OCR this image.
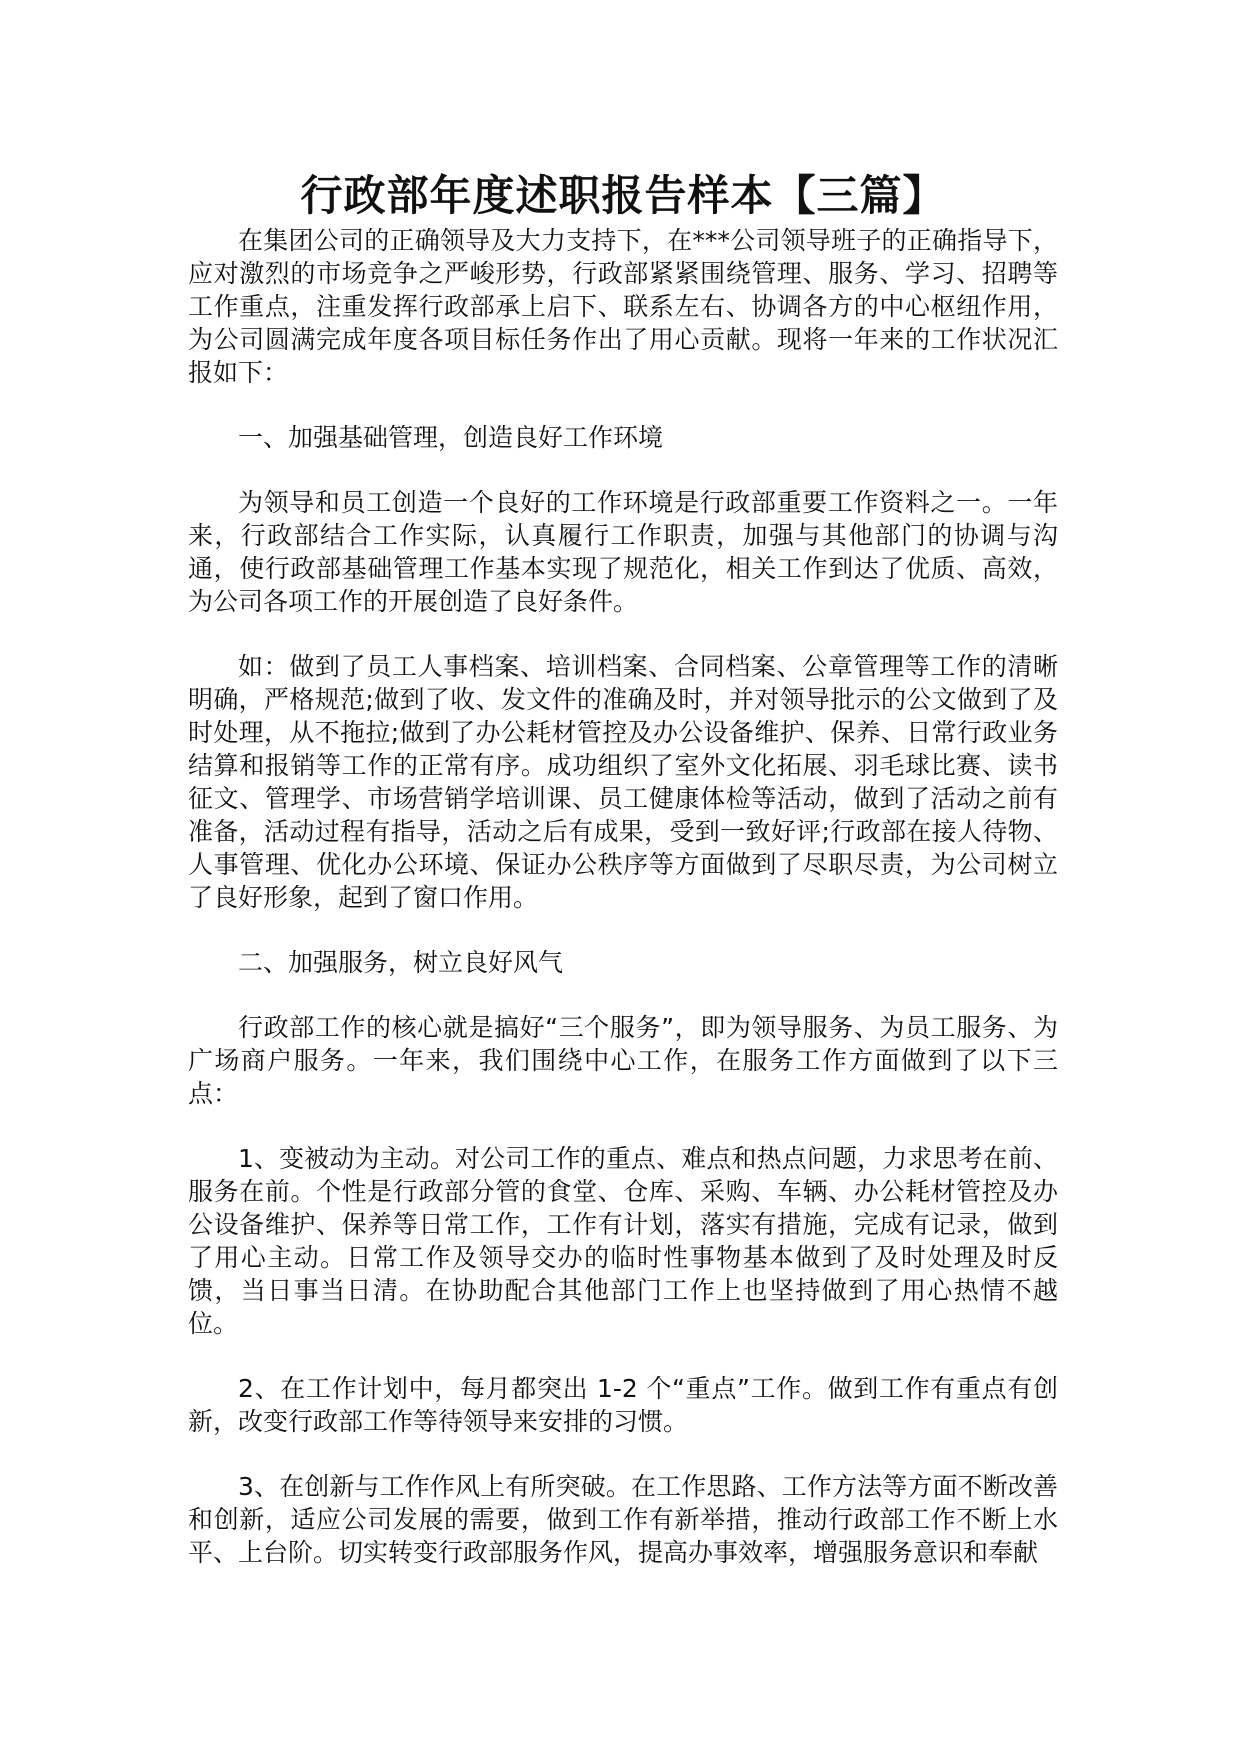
行政部年度述职报告样本【三篇】

在集团公司的正确领导及大力支持下，在***公司领导班子的正确指导下，应对激烈的市场竞争之严峻形势，行政部紧紧围绕管理、服务、学习、招聘等工作重点，注重发挥行政部承上启下、联系左右、协调各方的中心枢纽作用，为公司圆满完成年度各项目标任务作出了用心贡献。现将一年来的工作状况汇报如下：

一、加强基础管理，创造良好工作环境

为领导和员工创造一个良好的工作环境是行政部重要工作资料之一。一年来，行政部结合工作实际，认真履行工作职责，加强与其他部门的协调与沟通，使行政部基础管理工作基本实现了规范化，相关工作到达了优质、高效，为公司各项工作的开展创造了良好条件。

如：做到了员工人事档案、培训档案、合同档案、公章管理等工作的清晰明确，严格规范;做到了收、发文件的准确及时，并对领导批示的公文做到了及时处理，从不拖拉;做到了办公耗材管控及办公设备维护、保养、日常行政业务结算和报销等工作的正常有序。成功组织了室外文化拓展、羽毛球比赛、读书征文、管理学、市场营销学培训课、员工健康体检等活动，做到了活动之前有准备，活动过程有指导，活动之后有成果，受到一致好评;行政部在接人待物、人事管理、优化办公环境、保证办公秩序等方面做到了尽职尽责，为公司树立了良好形象，起到了窗口作用。

二、加强服务，树立良好风气

行政部工作的核心就是搞好“三个服务”，即为领导服务、为员工服务、为广场商户服务。一年来，我们围绕中心工作，在服务工作方面做到了以下三点：

1、变被动为主动。对公司工作的重点、难点和热点问题，力求思考在前、服务在前。个性是行政部分管的食堂、仓库、采购、车辆、办公耗材管控及办公设备维护、保养等日常工作，工作有计划，落实有措施，完成有记录，做到了用心主动。日常工作及领导交办的临时性事物基本做到了及时处理及时反馈，当日事当日清。在协助配合其他部门工作上也坚持做到了用心热情不越位。

2、在工作计划中，每月都突出 1-2 个“重点”工作。做到工作有重点有创新，改变行政部工作等待领导来安排的习惯。

3、在创新与工作作风上有所突破。在工作思路、工作方法等方面不断改善和创新，适应公司发展的需要，做到工作有新举措，推动行政部工作不断上水平、上台阶。切实转变行政部服务作风，提高办事效率，增强服务意识和奉献
